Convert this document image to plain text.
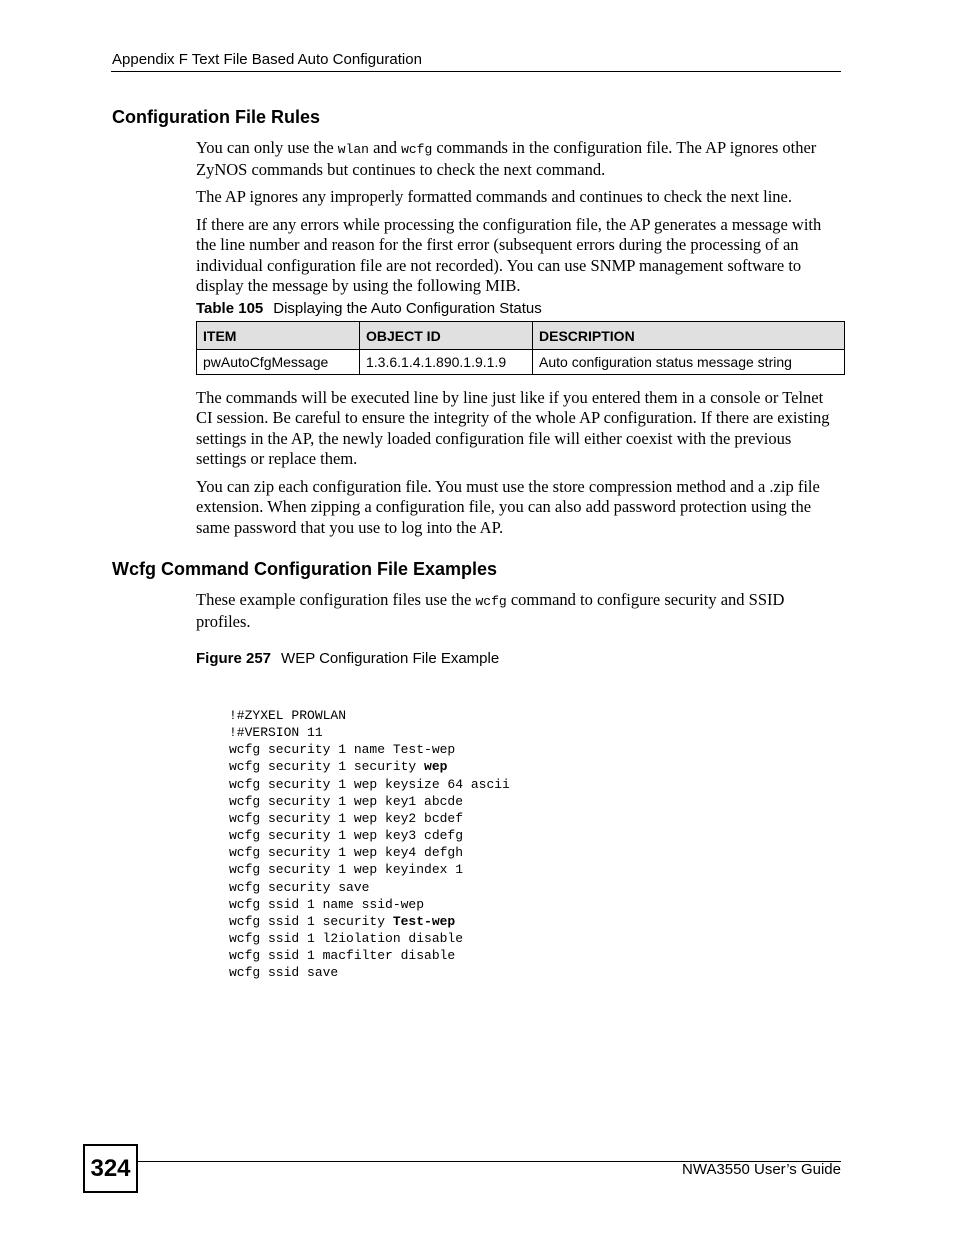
Appendix F Text File Based Auto Configuration
Configuration File Rules

You can only use the wlan and wcfg commands in the configuration file. The AP ignores other ZyNOS commands but continues to check the next command.

The AP ignores any improperly formatted commands and continues to check the next line.

If there are any errors while processing the configuration file, the AP generates a message with the line number and reason for the first error (subsequent errors during the processing of an individual configuration file are not recorded). You can use SNMP management software to display the message by using the following MIB.

Table 105 Displaying the Auto Configuration Status
ITEM	OBJECT ID	DESCRIPTION
pwAutoCfgMessage	1.3.6.1.4.1.890.1.9.1.9	Auto configuration status message string

The commands will be executed line by line just like if you entered them in a console or Telnet CI session. Be careful to ensure the integrity of the whole AP configuration. If there are existing settings in the AP, the newly loaded configuration file will either coexist with the previous settings or replace them.

You can zip each configuration file. You must use the store compression method and a .zip file extension. When zipping a configuration file, you can also add password protection using the same password that you use to log into the AP.

Wcfg Command Configuration File Examples

These example configuration files use the wcfg command to configure security and SSID profiles.

Figure 257 WEP Configuration File Example
!#ZYXEL PROWLAN
!#VERSION 11
wcfg security 1 name Test-wep
wcfg security 1 security wep
wcfg security 1 wep keysize 64 ascii
wcfg security 1 wep key1 abcde
wcfg security 1 wep key2 bcdef
wcfg security 1 wep key3 cdefg
wcfg security 1 wep key4 defgh
wcfg security 1 wep keyindex 1
wcfg security save
wcfg ssid 1 name ssid-wep
wcfg ssid 1 security Test-wep
wcfg ssid 1 l2iolation disable
wcfg ssid 1 macfilter disable
wcfg ssid save
324	NWA3550 User’s Guide
